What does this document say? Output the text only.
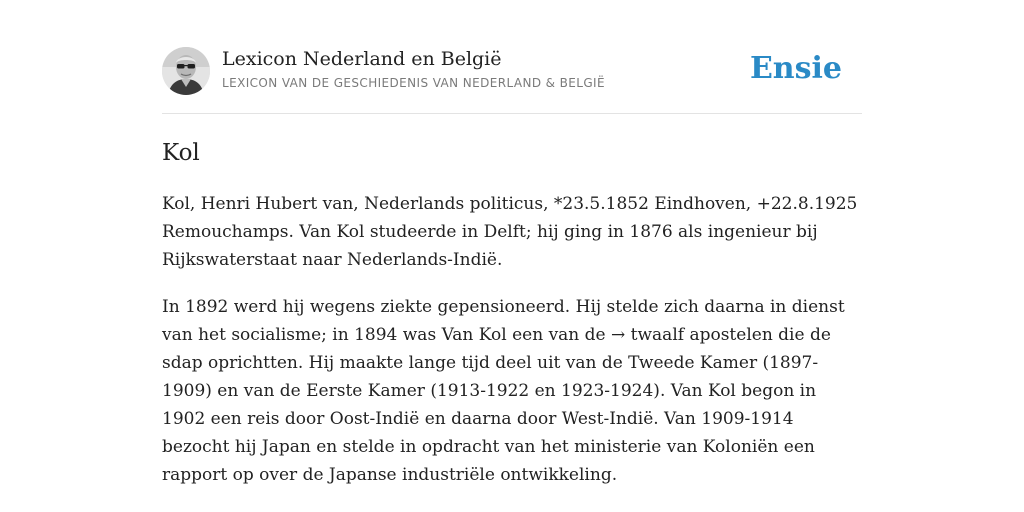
Lexicon Nederland en België
LEXICON VAN DE GESCHIEDENIS VAN NEDERLAND & BELGIË	Ensie
Kol

Kol, Henri Hubert van, Nederlands politicus, *23.5.1852 Eindhoven, +22.8.1925 Remouchamps. Van Kol studeerde in Delft; hij ging in 1876 als ingenieur bij Rijkswaterstaat naar Nederlands-Indië.

In 1892 werd hij wegens ziekte gepensioneerd. Hij stelde zich daarna in dienst van het socialisme; in 1894 was Van Kol een van de → twaalf apostelen die de sdap oprichtten. Hij maakte lange tijd deel uit van de Tweede Kamer (1897-1909) en van de Eerste Kamer (1913-1922 en 1923-1924). Van Kol begon in 1902 een reis door Oost-Indië en daarna door West-Indië. Van 1909-1914 bezocht hij Japan en stelde in opdracht van het ministerie van Koloniën een rapport op over de Japanse industriële ontwikkeling.
